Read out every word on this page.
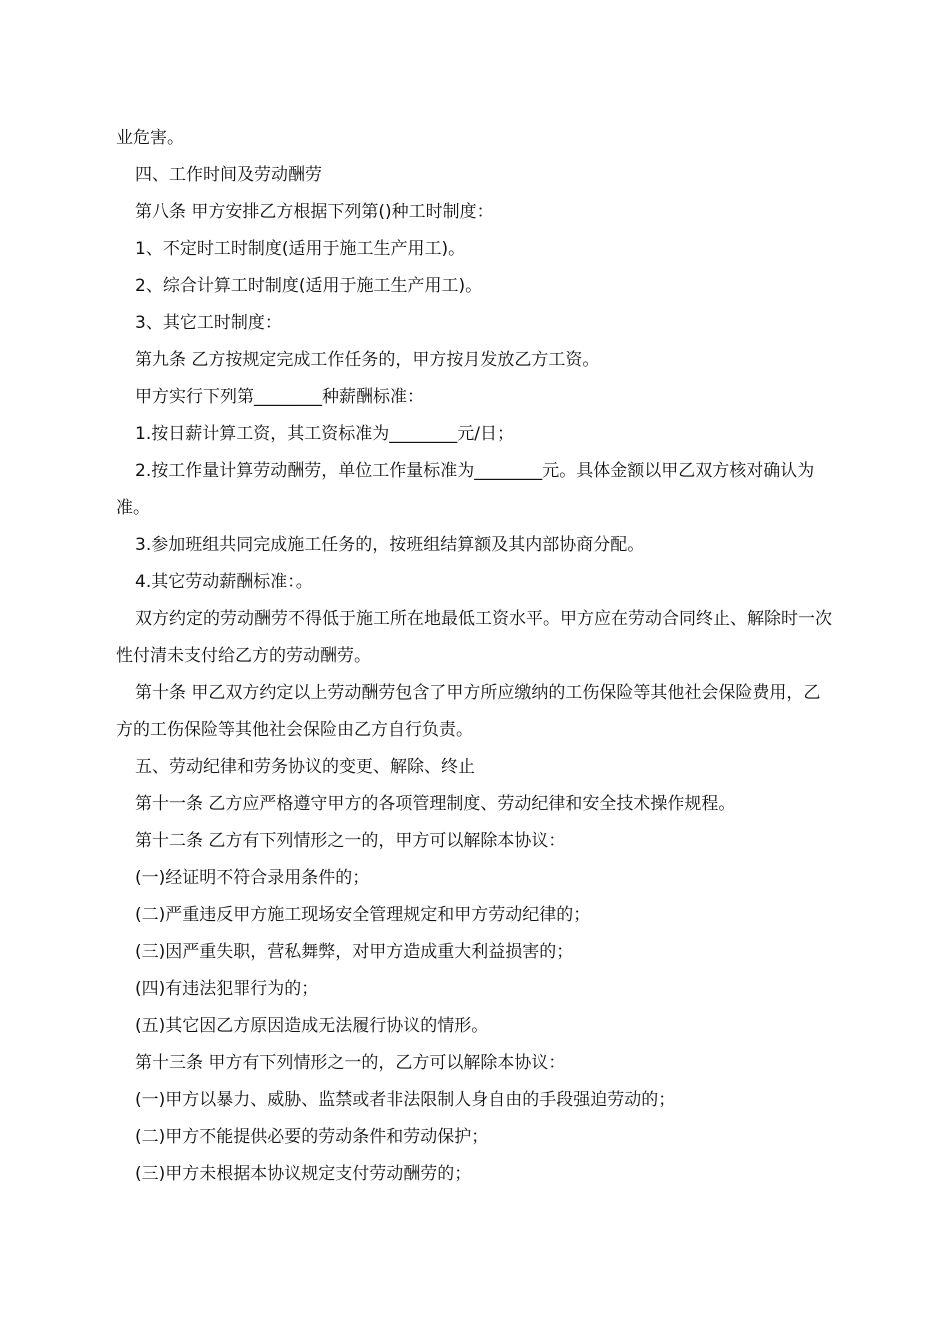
业危害。

四、工作时间及劳动酬劳

第八条 甲方安排乙方根据下列第()种工时制度：

1、不定时工时制度(适用于施工生产用工)。

2、综合计算工时制度(适用于施工生产用工)。

3、其它工时制度：

第九条 乙方按规定完成工作任务的，甲方按月发放乙方工资。

甲方实行下列第________种薪酬标准：

1.按日薪计算工资，其工资标准为________元/日；

2.按工作量计算劳动酬劳，单位工作量标准为________元。具体金额以甲乙双方核对确认为准。

3.参加班组共同完成施工任务的，按班组结算额及其内部协商分配。

4.其它劳动薪酬标准：。

双方约定的劳动酬劳不得低于施工所在地最低工资水平。甲方应在劳动合同终止、解除时一次性付清未支付给乙方的劳动酬劳。

第十条 甲乙双方约定以上劳动酬劳包含了甲方所应缴纳的工伤保险等其他社会保险费用，乙方的工伤保险等其他社会保险由乙方自行负责。

五、劳动纪律和劳务协议的变更、解除、终止

第十一条 乙方应严格遵守甲方的各项管理制度、劳动纪律和安全技术操作规程。

第十二条 乙方有下列情形之一的，甲方可以解除本协议：

(一)经证明不符合录用条件的；

(二)严重违反甲方施工现场安全管理规定和甲方劳动纪律的；

(三)因严重失职，营私舞弊，对甲方造成重大利益损害的；

(四)有违法犯罪行为的；

(五)其它因乙方原因造成无法履行协议的情形。

第十三条 甲方有下列情形之一的，乙方可以解除本协议：

(一)甲方以暴力、威胁、监禁或者非法限制人身自由的手段强迫劳动的；

(二)甲方不能提供必要的劳动条件和劳动保护；

(三)甲方未根据本协议规定支付劳动酬劳的；
